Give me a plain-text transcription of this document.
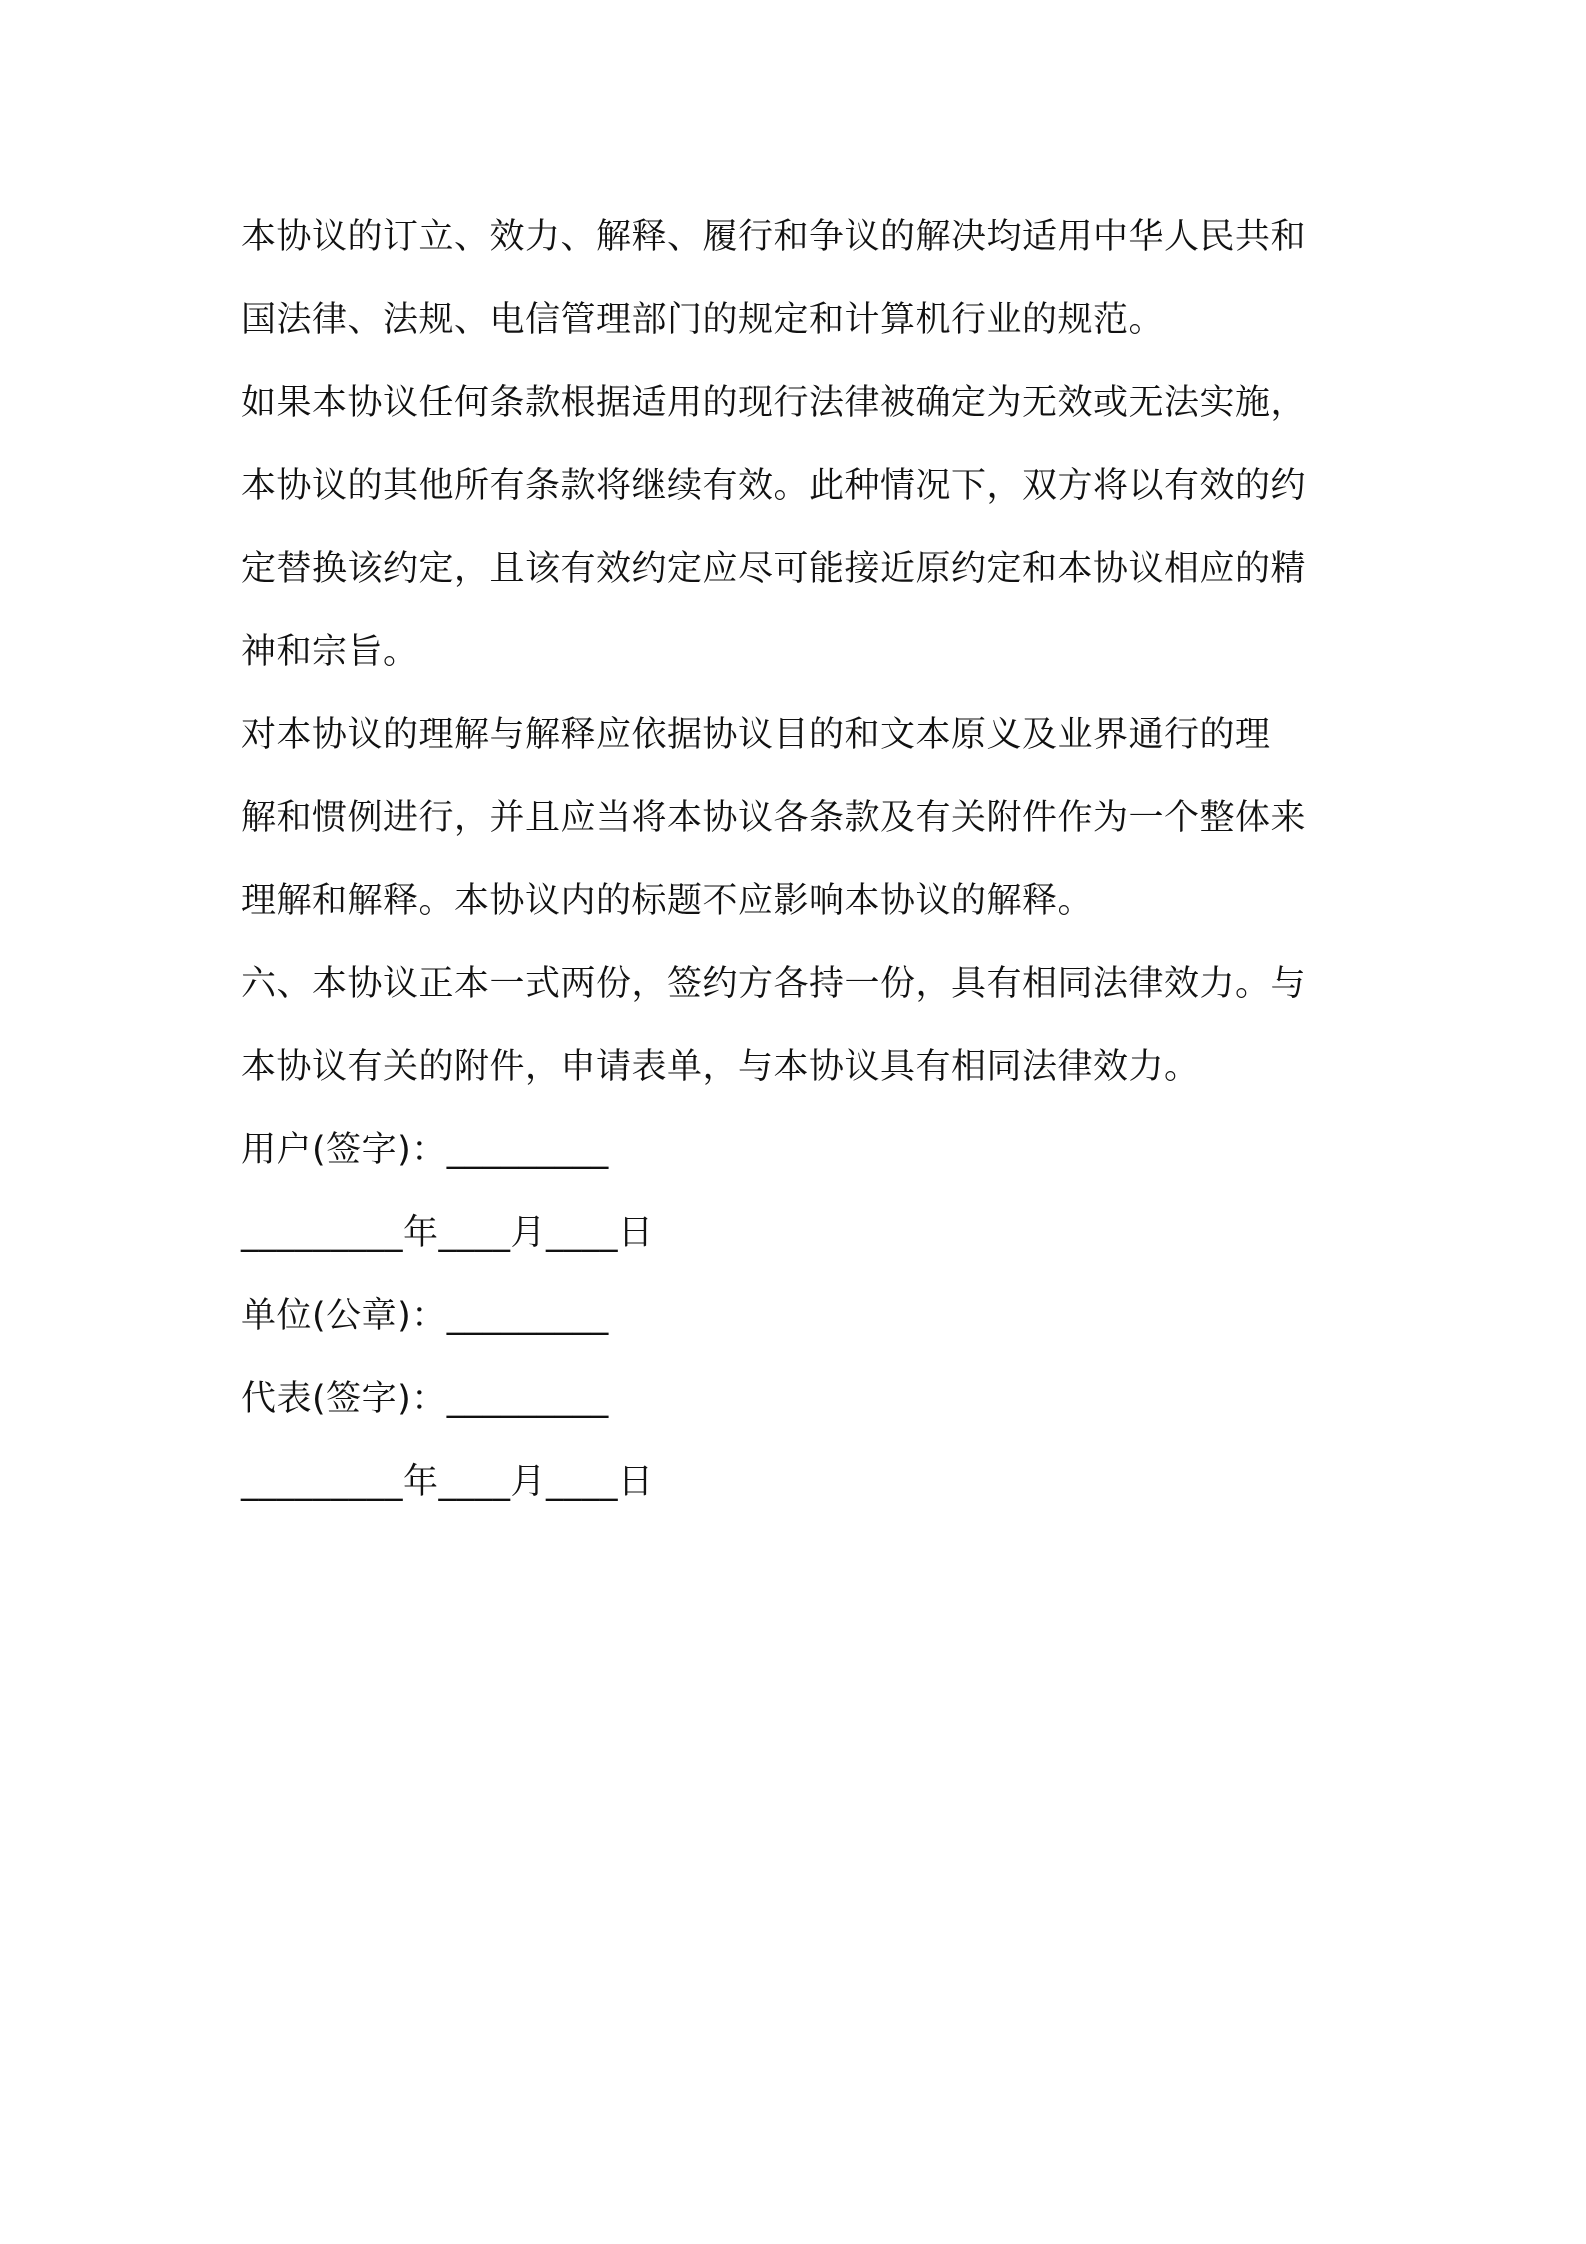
本协议的订立、效力、解释、履行和争议的解决均适用中华人民共和
国法律、法规、电信管理部门的规定和计算机行业的规范。
如果本协议任何条款根据适用的现行法律被确定为无效或无法实施，
本协议的其他所有条款将继续有效。此种情况下，双方将以有效的约
定替换该约定，且该有效约定应尽可能接近原约定和本协议相应的精
神和宗旨。
对本协议的理解与解释应依据协议目的和文本原义及业界通行的理
解和惯例进行，并且应当将本协议各条款及有关附件作为一个整体来
理解和解释。本协议内的标题不应影响本协议的解释。
六、本协议正本一式两份，签约方各持一份，具有相同法律效力。与
本协议有关的附件，申请表单，与本协议具有相同法律效力。
用户(签字)：_________
_________年____月____日
单位(公章)：_________
代表(签字)：_________
_________年____月____日
